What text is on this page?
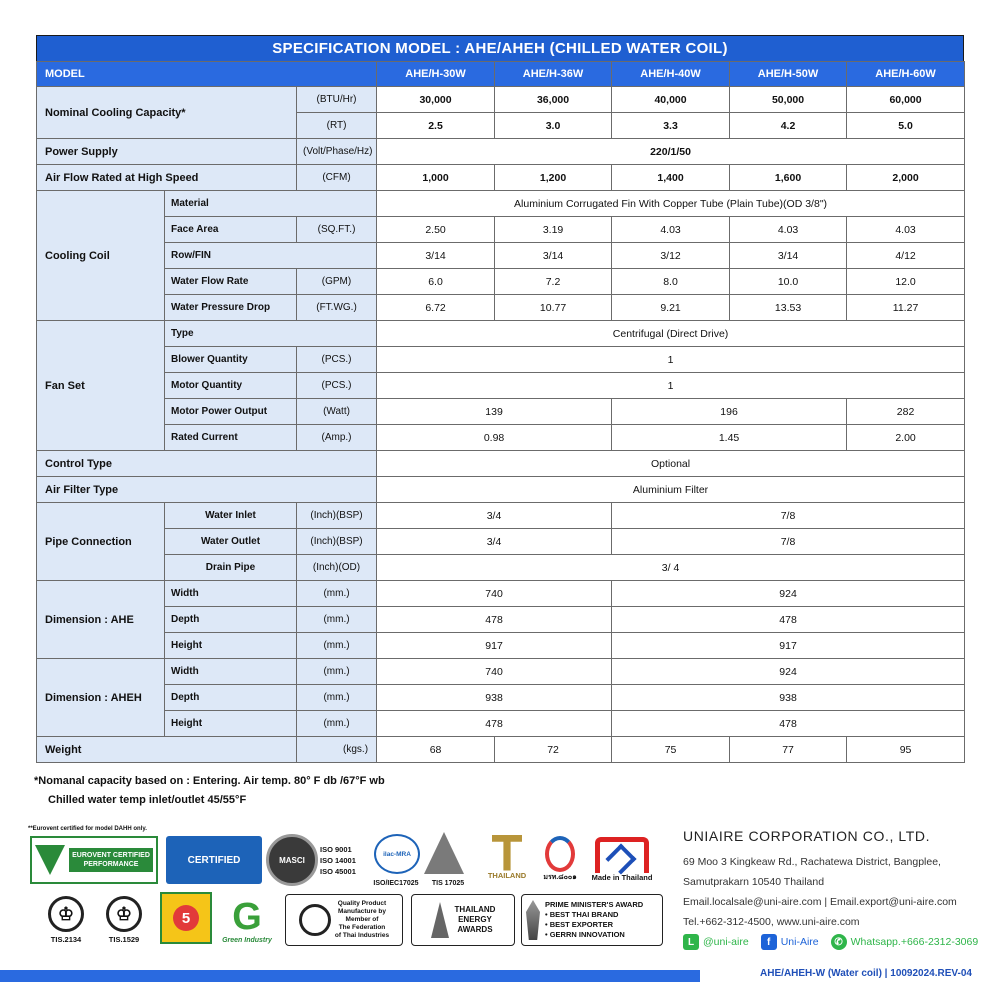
SPECIFICATION MODEL : AHE/AHEH (CHILLED WATER COIL)
MODEL			AHE/H-30W	AHE/H-36W	AHE/H-40W	AHE/H-50W	AHE/H-60W
Nominal Cooling Capacity*		(BTU/Hr)	30,000	36,000	40,000	50,000	60,000
		(RT)	2.5	3.0	3.3	4.2	5.0
Power Supply		(Volt/Phase/Hz)	220/1/50				
Air Flow Rated at High Speed		(CFM)	1,000	1,200	1,400	1,600	2,000
Cooling Coil	Material		Aluminium Corrugated Fin With Copper Tube (Plain Tube)(OD 3/8")				
	Face Area	(SQ.FT.)	2.50	3.19	4.03	4.03	4.03
	Row/FIN		3/14	3/14	3/12	3/14	4/12
	Water Flow Rate	(GPM)	6.0	7.2	8.0	10.0	12.0
	Water Pressure Drop	(FT.WG.)	6.72	10.77	9.21	13.53	11.27
Fan Set	Type		Centrifugal (Direct Drive)				
	Blower Quantity	(PCS.)	1				
	Motor Quantity	(PCS.)	1				
	Motor Power Output	(Watt)	139		196		282
	Rated Current	(Amp.)	0.98		1.45		2.00
Control Type			Optional				
Air Filter Type			Aluminium Filter				
Pipe Connection	Water Inlet	(Inch)(BSP)	3/4		7/8		
	Water Outlet	(Inch)(BSP)	3/4		7/8		
	Drain Pipe	(Inch)(OD)	3/ 4				
Dimension : AHE	Width	(mm.)	740		924		
	Depth	(mm.)	478		478		
	Height	(mm.)	917		917		
Dimension : AHEH	Width	(mm.)	740		924		
	Depth	(mm.)	938		938		
	Height	(mm.)	478		478		
Weight		(kgs.)	68	72	75	77	95
*Nomanal capacity based on : Entering. Air temp. 80° F db /67°F wb
Chilled water temp inlet/outlet 45/55°F
**Eurovent certified for model DAHH only.
EUROVENT CERTIFIED PERFORMANCE	CERTIFIED	MASCI
ISO 9001
ISO 14001
ISO 45001
ilac-MRA
ISO/IEC17025	TIS 17025
THAILAND มรท.๘๐๐๑ Made in Thailand
♔
TIS.2134
♔
TIS.1529
5 G
Green Industry
Quality Product
Manufacture by
Member of
The Federation
of Thai Industries
THAILAND
ENERGY
AWARDS
PRIME MINISTER'S AWARD
• BEST THAI BRAND
• BEST EXPORTER
• GERRN INNOVATION
UNIAIRE CORPORATION CO., LTD.
69 Moo 3 Kingkeaw Rd., Rachatewa District, Bangplee,
Samutprakarn 10540 Thailand
Email.localsale@uni-aire.com | Email.export@uni-aire.com
Tel.+662-312-4500, www.uni-aire.com
L @uni-aire	f Uni-Aire	✆ Whatsapp.+666-2312-3069
AHE/AHEH-W (Water coil) | 10092024.REV-04
